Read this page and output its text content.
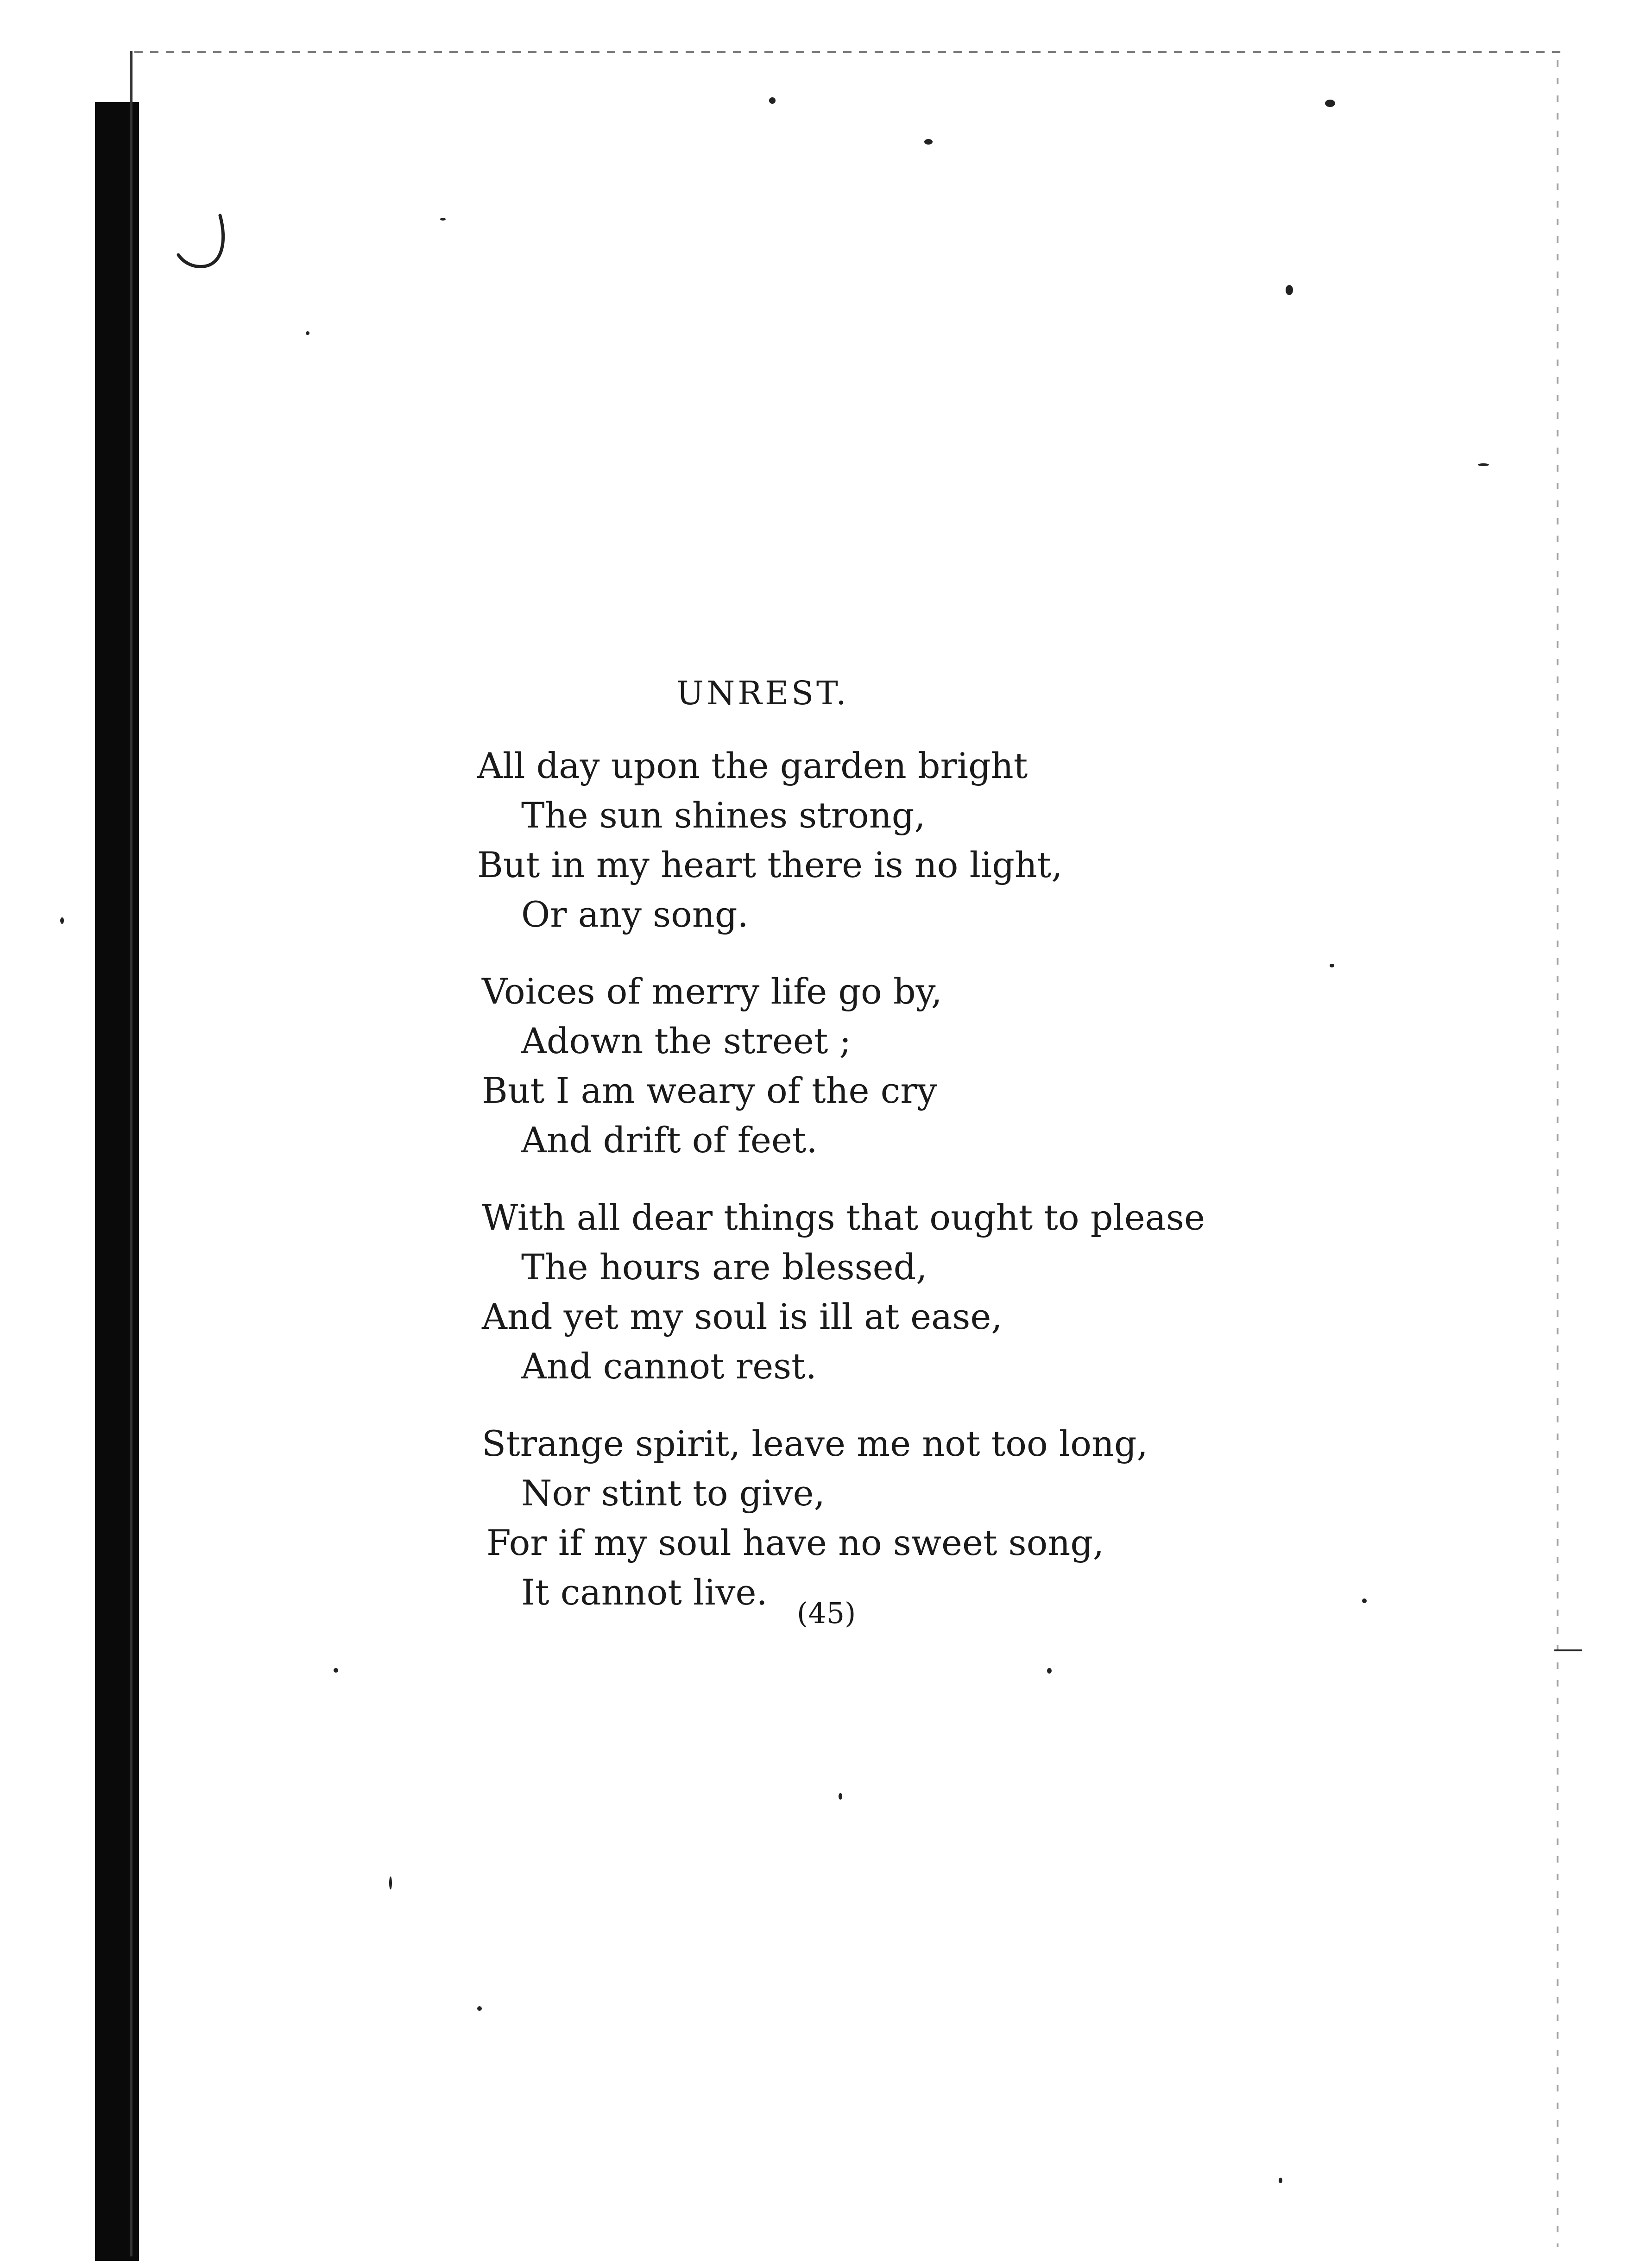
UNREST.
All day upon the garden bright
The sun shines strong,
But in my heart there is no light,
Or any song.
Voices of merry life go by,
Adown the street ;
But I am weary of the cry
And drift of feet.
With all dear things that ought to please
The hours are blessed,
And yet my soul is ill at ease,
And cannot rest.
Strange spirit, leave me not too long,
Nor stint to give,
For if my soul have no sweet song,
It cannot live.
(45)
